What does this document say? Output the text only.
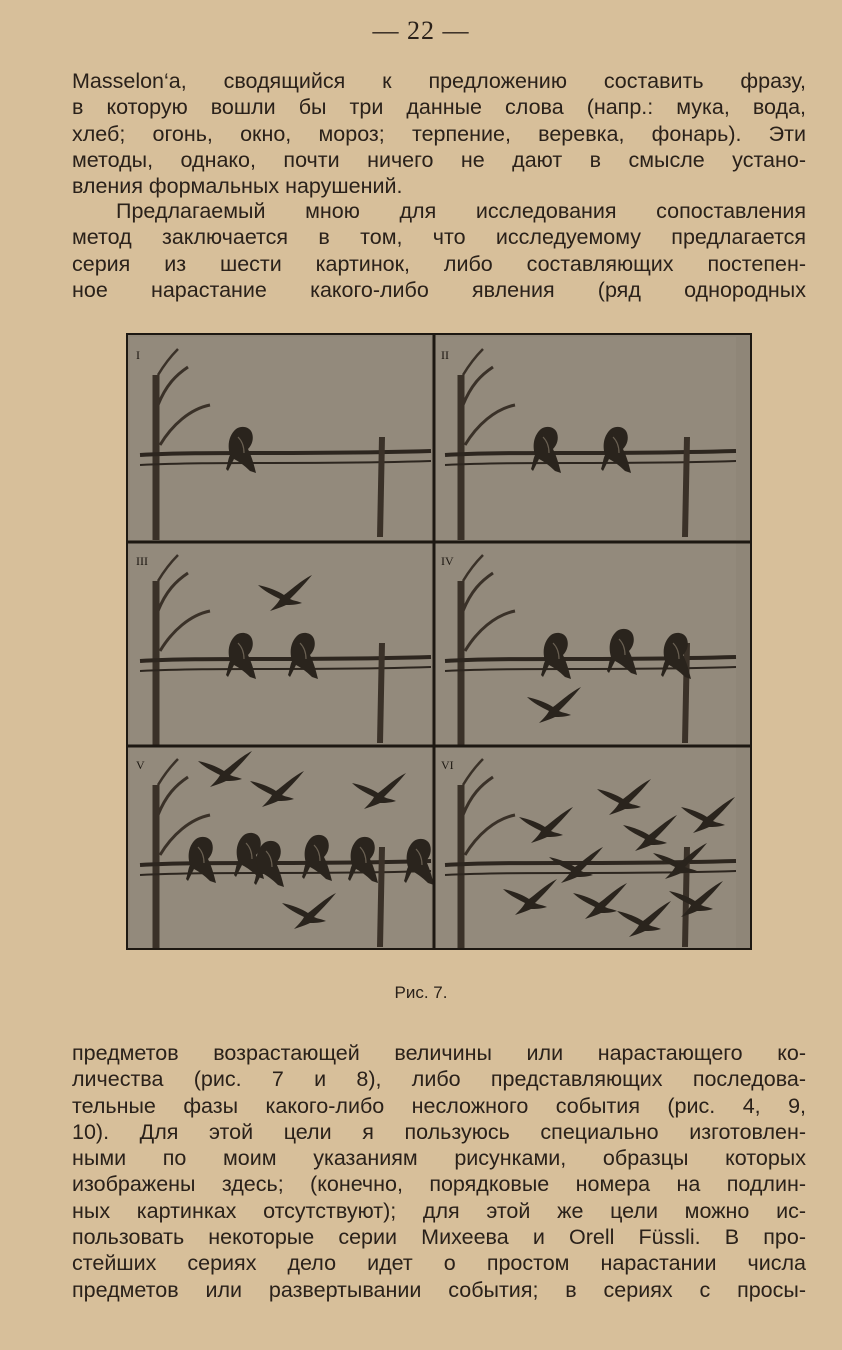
— 22 —
Masselon‘a, сводящийся к предложению составить фразу,
в которую вошли бы три данные слова (напр.: мука, вода,
хлеб; огонь, окно, мороз; терпение, веревка, фонарь). Эти
методы, однако, почти ничего не дают в смысле устано-
вления формальных нарушений.
Предлагаемый мною для исследования сопоставления
метод заключается в том, что исследуемому предлагается
серия из шести картинок, либо составляющих постепен-
ное нарастание какого-либо явления (ряд однородных
I	II
III	IV
V	VI
Рис. 7.
предметов возрастающей величины или нарастающего ко-
личества (рис. 7 и 8), либо представляющих последова-
тельные фазы какого-либо несложного события (рис. 4, 9,
10). Для этой цели я пользуюсь специально изготовлен-
ными по моим указаниям рисунками, образцы которых
изображены здесь; (конечно, порядковые номера на подлин-
ных картинках отсутствуют); для этой же цели можно ис-
пользовать некоторые серии Михеева и Orell Füssli. В про-
стейших сериях дело идет о простом нарастании числа
предметов или развертывании события; в сериях с просы-
